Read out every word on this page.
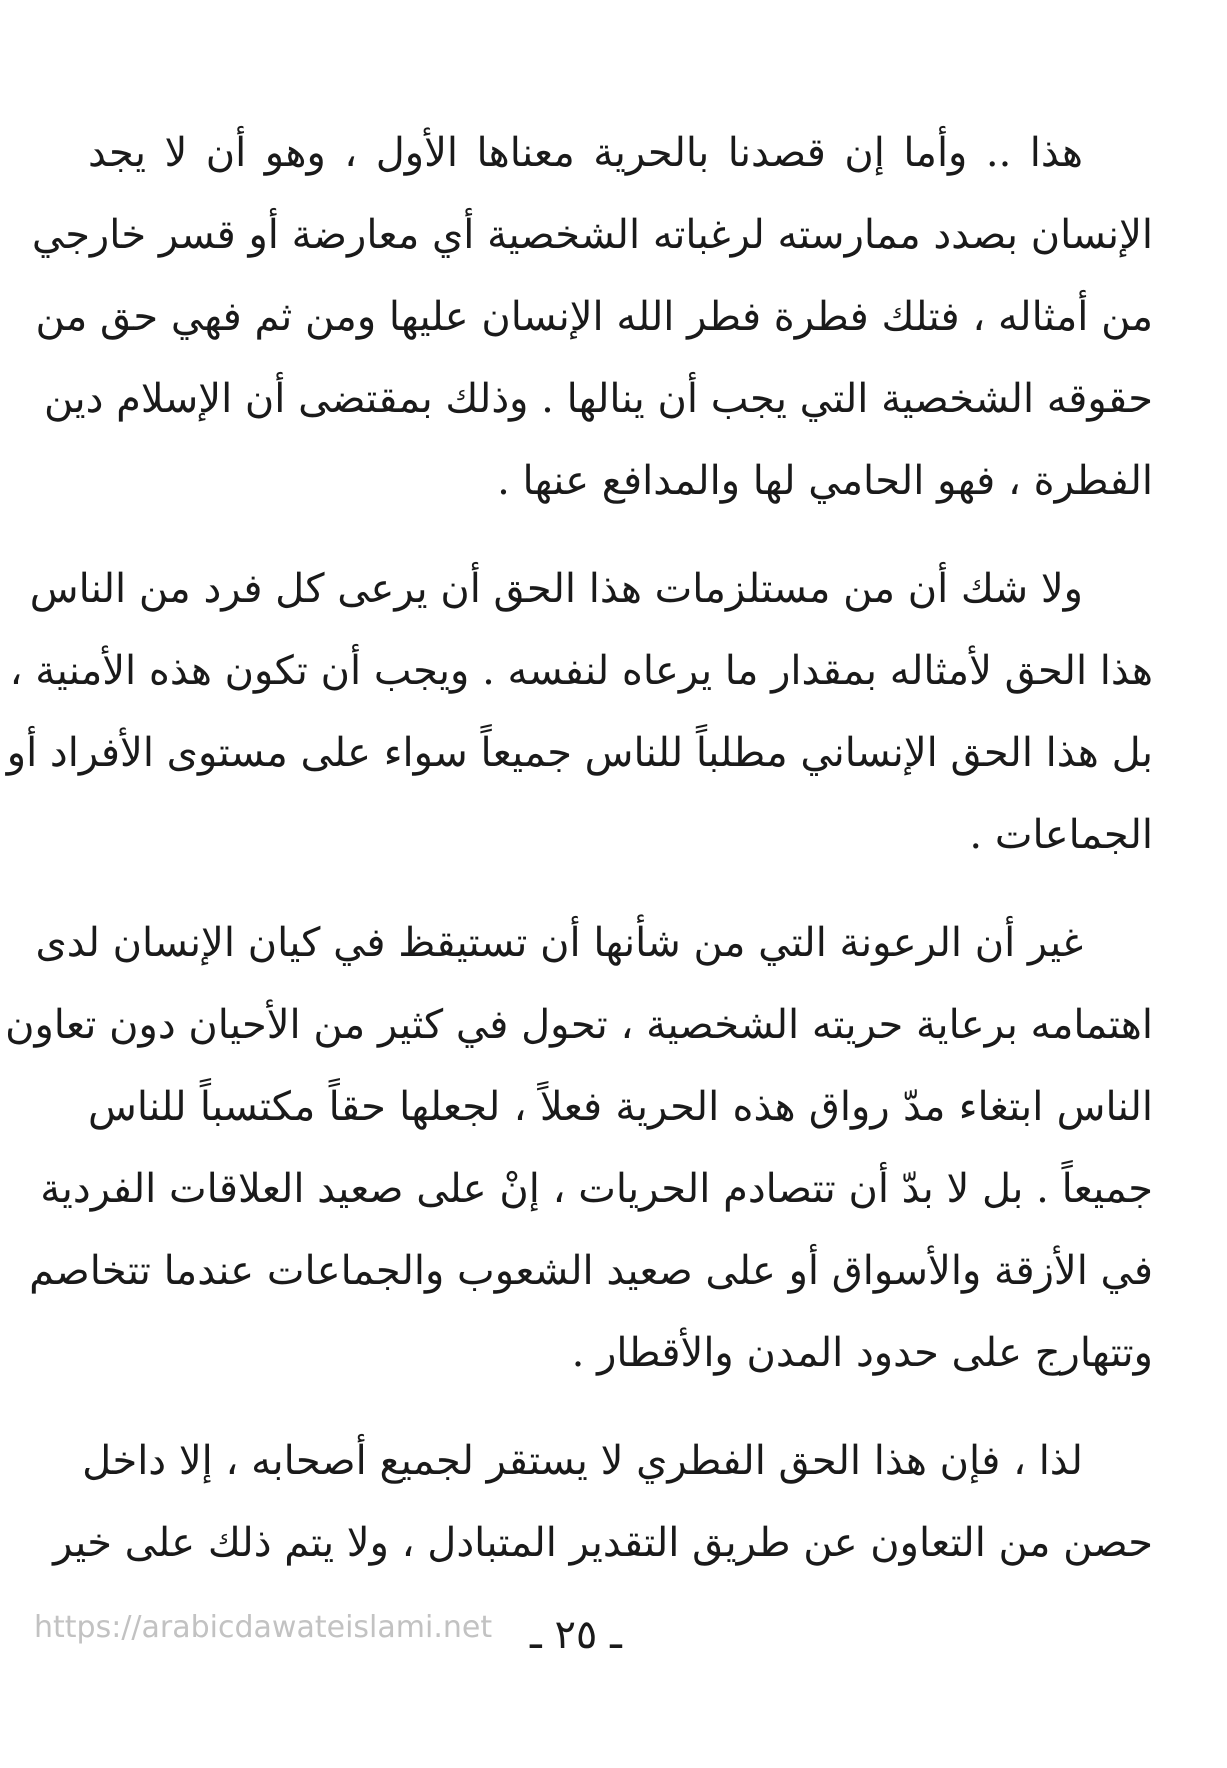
هذا .. وأما إن قصدنا بالحرية معناها الأول ، وهو أن لا يجد
الإنسان بصدد ممارسته لرغباته الشخصية أي معارضة أو قسر خارجي
من أمثاله ، فتلك فطرة فطر الله الإنسان عليها ومن ثم فهي حق من
حقوقه الشخصية التي يجب أن ينالها . وذلك بمقتضى أن الإسلام دين
الفطرة ، فهو الحامي لها والمدافع عنها .

ولا شك أن من مستلزمات هذا الحق أن يرعى كل فرد من الناس
هذا الحق لأمثاله بمقدار ما يرعاه لنفسه . ويجب أن تكون هذه الأمنية ،
بل هذا الحق الإنساني مطلباً للناس جميعاً سواء على مستوى الأفراد أو
الجماعات .

غير أن الرعونة التي من شأنها أن تستيقظ في كيان الإنسان لدى
اهتمامه برعاية حريته الشخصية ، تحول في كثير من الأحيان دون تعاون
الناس ابتغاء مدّ رواق هذه الحرية فعلاً ، لجعلها حقاً مكتسباً للناس
جميعاً . بل لا بدّ أن تتصادم الحريات ، إنْ على صعيد العلاقات الفردية
في الأزقة والأسواق أو على صعيد الشعوب والجماعات عندما تتخاصم
وتتهارج على حدود المدن والأقطار .

لذا ، فإن هذا الحق الفطري لا يستقر لجميع أصحابه ، إلا داخل
حصن من التعاون عن طريق التقدير المتبادل ، ولا يتم ذلك على خير

https://arabicdawateislami.net ـ ٢٥ ـ
